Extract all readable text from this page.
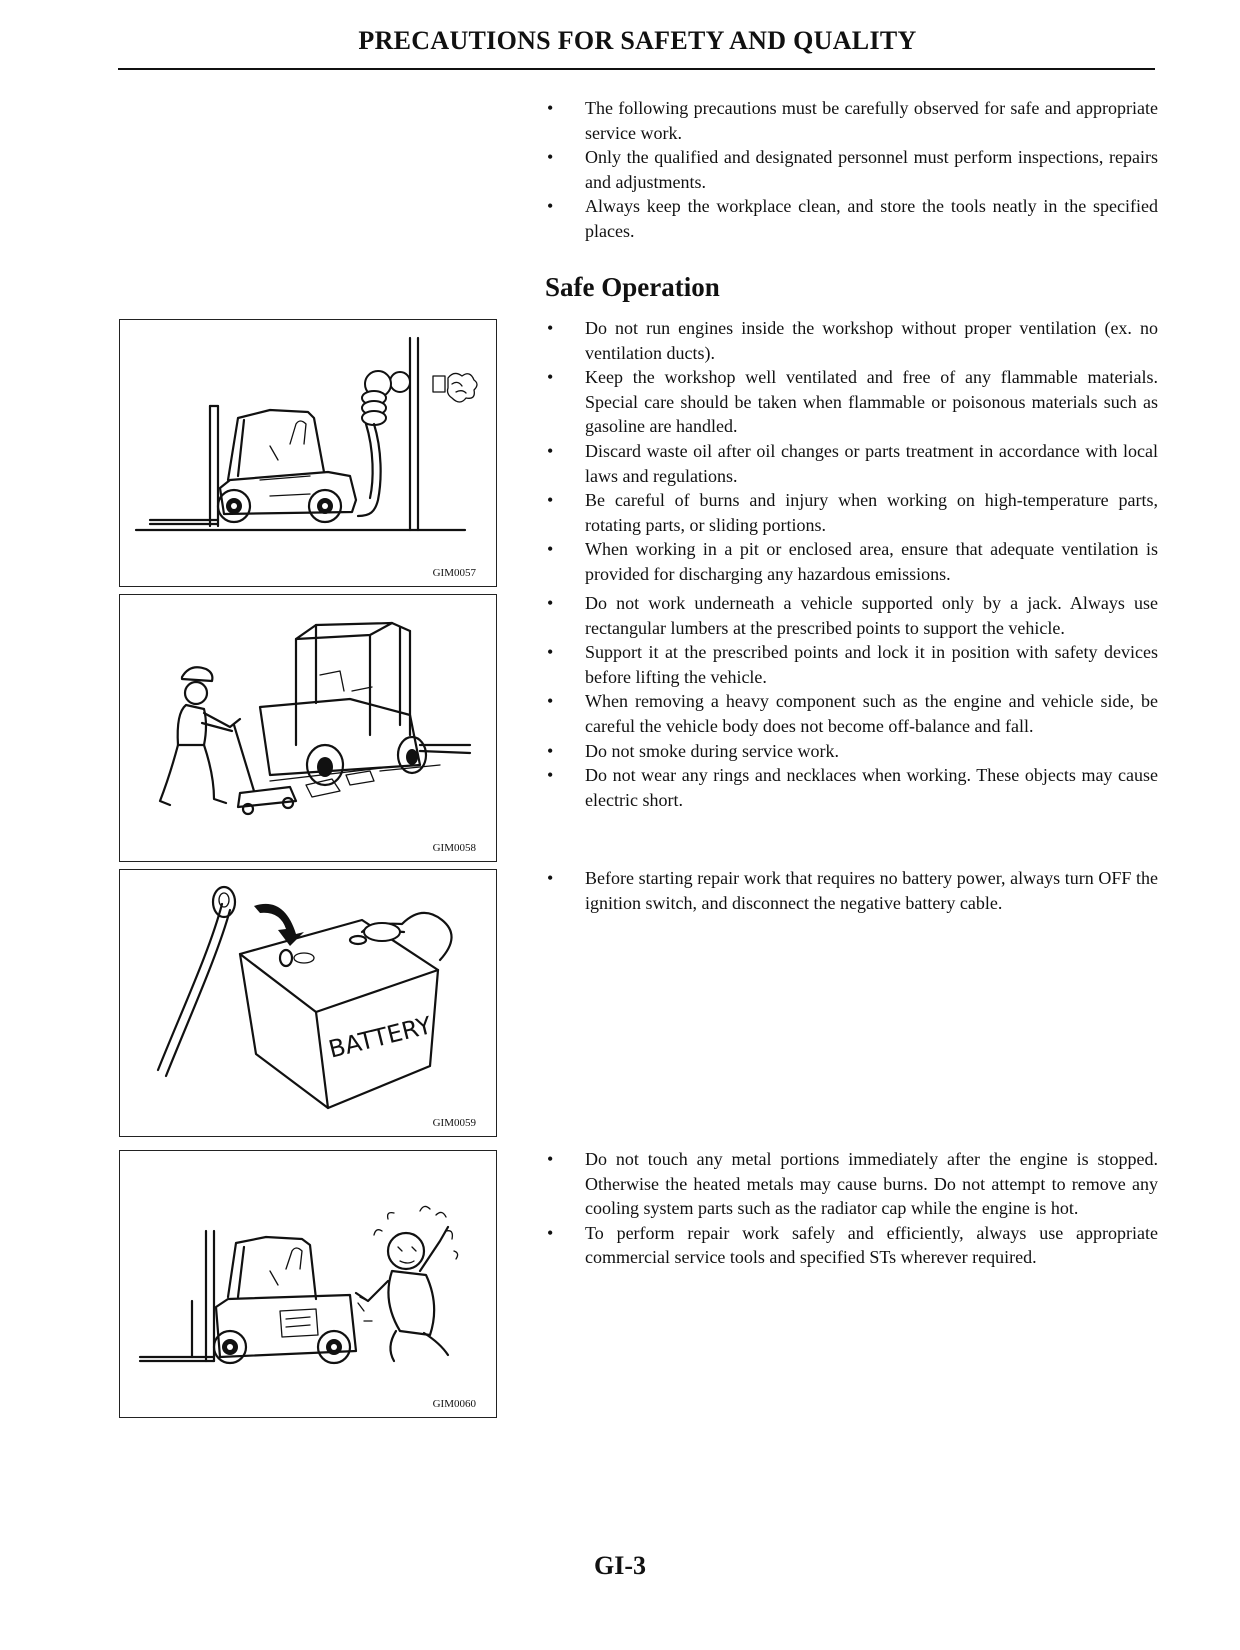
PRECAUTIONS FOR SAFETY AND QUALITY
• The following precautions must be carefully observed for safe and appropriate service work.
• Only the qualified and designated personnel must perform inspections, repairs and adjustments.
• Always keep the workplace clean, and store the tools neatly in the specified places.
Safe Operation
• Do not run engines inside the workshop without proper ventilation (ex. no ventilation ducts).
• Keep the workshop well ventilated and free of any flammable materials. Special care should be taken when flammable or poisonous materials such as gasoline are handled.
• Discard waste oil after oil changes or parts treatment in accordance with local laws and regulations.
• Be careful of burns and injury when working on high-temperature parts, rotating parts, or sliding portions.
• When working in a pit or enclosed area, ensure that adequate ventilation is provided for discharging any hazardous emissions.
• Do not work underneath a vehicle supported only by a jack. Always use rectangular lumbers at the prescribed points to support the vehicle.
• Support it at the prescribed points and lock it in position with safety devices before lifting the vehicle.
• When removing a heavy component such as the engine and vehicle side, be careful the vehicle body does not become off-balance and fall.
• Do not smoke during service work.
• Do not wear any rings and necklaces when working. These objects may cause electric short.
• Before starting repair work that requires no battery power, always turn OFF the ignition switch, and disconnect the negative battery cable.
• Do not touch any metal portions immediately after the engine is stopped. Otherwise the heated metals may cause burns. Do not attempt to remove any cooling system parts such as the radiator cap while the engine is hot.
• To perform repair work safely and efficiently, always use appropriate commercial service tools and specified STs wherever required.
GIM0057
GIM0058
BATTERY
GIM0059
GIM0060
GI-3
